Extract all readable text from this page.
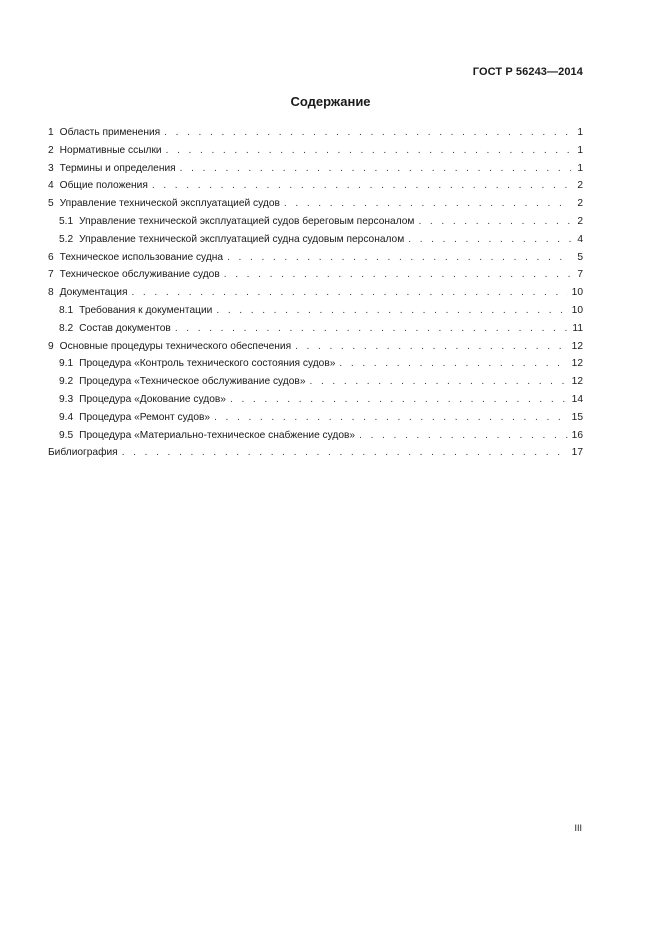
ГОСТ Р 56243—2014
Содержание
1 Область применения . . .	1
2 Нормативные ссылки . . .	1
3 Термины и определения . . .	1
4 Общие положения . . .	2
5 Управление технической эксплуатацией судов . . .	2
5.1 Управление технической эксплуатацией судов береговым персоналом . . .	2
5.2 Управление технической эксплуатацией судна судовым персоналом . . .	4
6 Техническое использование судна . . .	5
7 Техническое обслуживание судов . . .	7
8 Документация . . .	10
8.1 Требования к документации . . .	10
8.2 Состав документов . . .	11
9 Основные процедуры технического обеспечения . . .	12
9.1 Процедура «Контроль технического состояния судов» . . .	12
9.2 Процедура «Техническое обслуживание судов» . . .	12
9.3 Процедура «Докование судов» . . .	14
9.4 Процедура «Ремонт судов» . . .	15
9.5 Процедура «Материально-техническое снабжение судов» . . .	16
Библиография . . .	17
III
